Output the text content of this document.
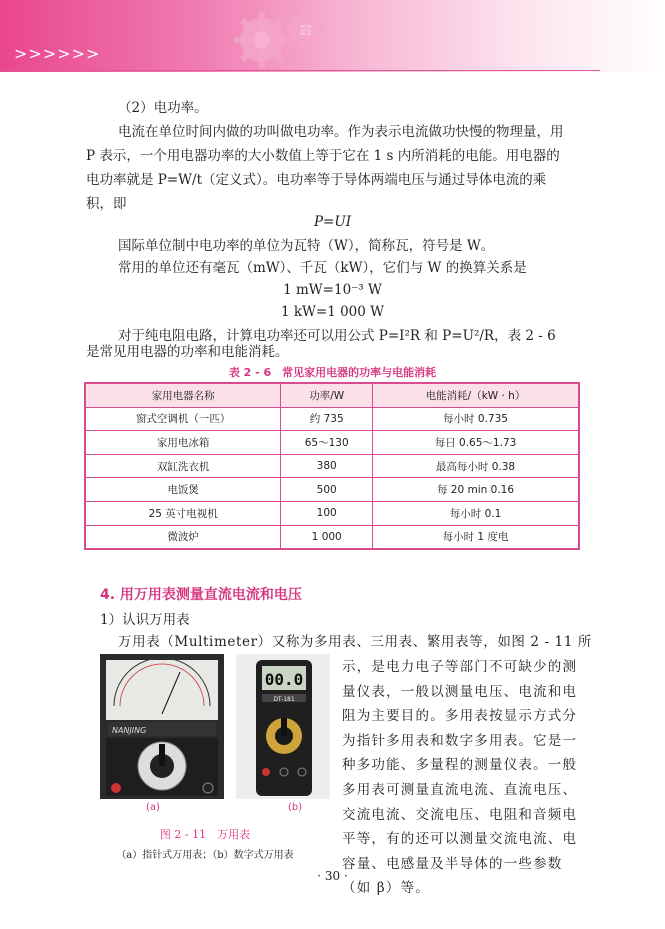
>>>>>>
（2）电功率。
电流在单位时间内做的功叫做电功率。作为表示电流做功快慢的物理量，用
P 表示，一个用电器功率的大小数值上等于它在 1 s 内所消耗的电能。用电器的
电功率就是 P=W/t（定义式）。电功率等于导体两端电压与通过导体电流的乘
积，即
P=UI
国际单位制中电功率的单位为瓦特（W），简称瓦，符号是 W。
常用的单位还有毫瓦（mW）、千瓦（kW），它们与 W 的换算关系是
1 mW=10⁻³ W
1 kW=1 000 W
对于纯电阻电路，计算电功率还可以用公式 P=I²R 和 P=U²/R，表 2 - 6
是常见用电器的功率和电能消耗。
表 2 - 6　常见家用电器的功率与电能消耗
家用电器名称	功率/W	电能消耗/（kW · h）
窗式空调机（一匹）	约 735	每小时 0.735
家用电冰箱	65～130	每日 0.65～1.73
双缸洗衣机	380	最高每小时 0.38
电饭煲	500	每 20 min 0.16
25 英寸电视机	100	每小时 0.1
微波炉	1 000	每小时 1 度电
4. 用万用表测量直流电流和电压
1）认识万用表
万用表（Multimeter）又称为多用表、三用表、繁用表等，如图 2 - 11 所
示，是电力电子等部门不可缺少的测
量仪表，一般以测量电压、电流和电
阻为主要目的。多用表按显示方式分
为指针多用表和数字多用表。它是一
种多功能、多量程的测量仪表。一般
多用表可测量直流电流、直流电压、
交流电流、交流电压、电阻和音频电
平等，有的还可以测量交流电流、电
容量、电感量及半导体的一些参数
（如 β）等。
NANJING
(a)
00.0
DT-181
(b)
图 2 - 11　万用表
（a）指针式万用表；（b）数字式万用表
· 30 ·
